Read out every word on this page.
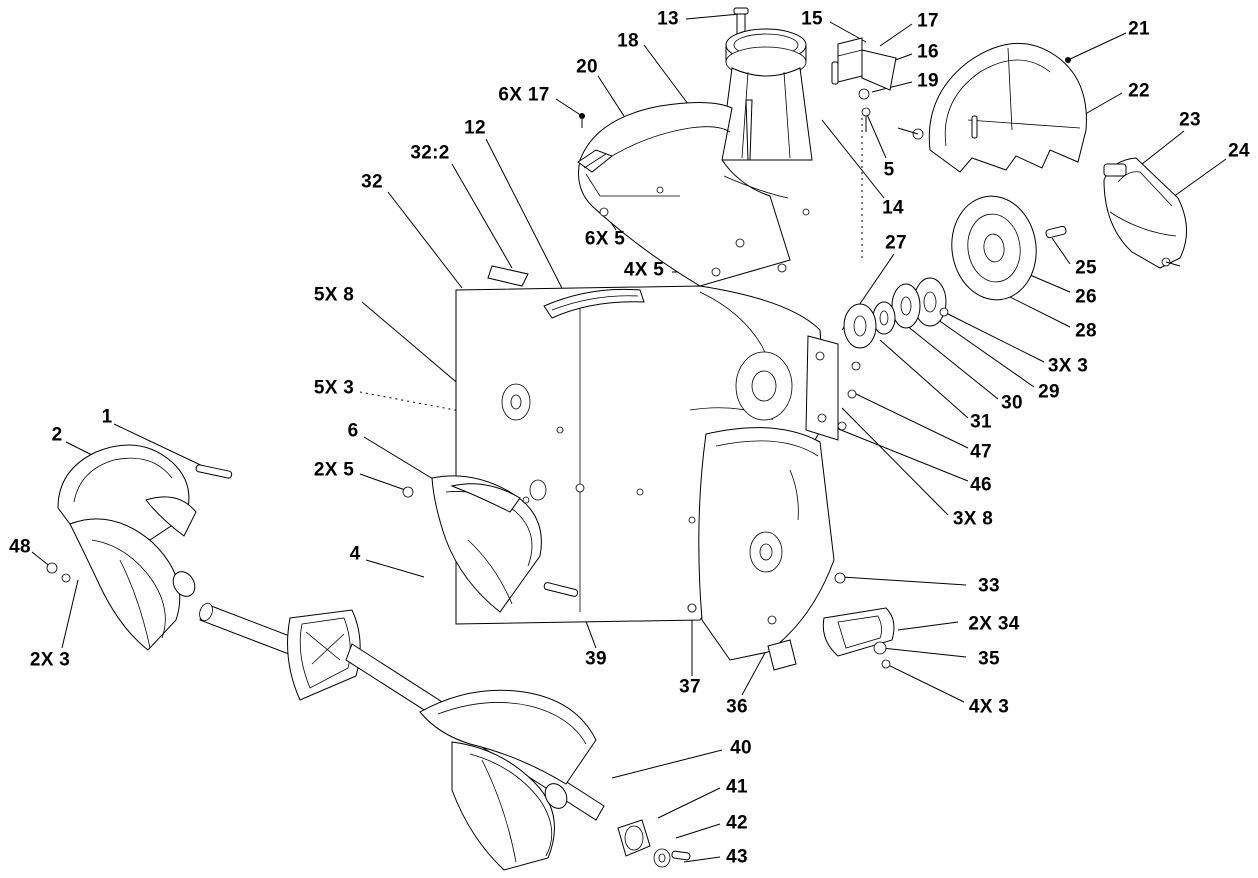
13	15	17	21
18
16
19	22
20
6X 17
23
12
24
32:2
5
32
14
6X 5	27
25
4X 5
26
5X 8
28
3X 3
29
5X 3
30
31
6
1
2
47
2X 5
46
3X 8
48	4
33
2X 34
2X 3	39	35
37
36	4X 3
40
41
42
43
